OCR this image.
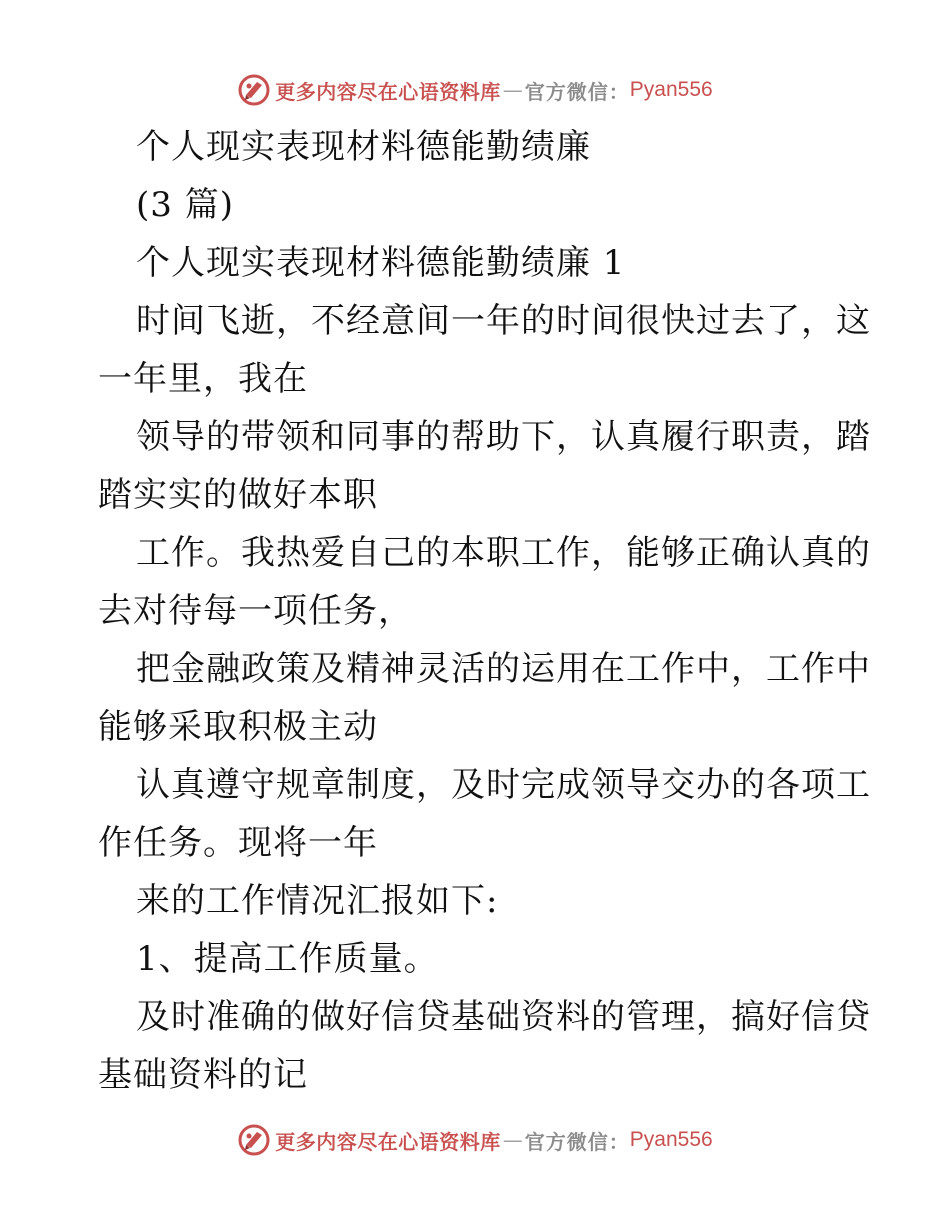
更多内容尽在心语资料库 — 官方微信： Pyan556
个人现实表现材料德能勤绩廉
(3 篇)
个人现实表现材料德能勤绩廉 1
时间飞逝，不经意间一年的时间很快过去了，这
一年里，我在
领导的带领和同事的帮助下，认真履行职责，踏
踏实实的做好本职
工作。我热爱自己的本职工作，能够正确认真的
去对待每一项任务，
把金融政策及精神灵活的运用在工作中，工作中
能够采取积极主动
认真遵守规章制度，及时完成领导交办的各项工
作任务。现将一年
来的工作情况汇报如下:
1、提高工作质量。
及时准确的做好信贷基础资料的管理，搞好信贷
基础资料的记
更多内容尽在心语资料库 — 官方微信： Pyan556
